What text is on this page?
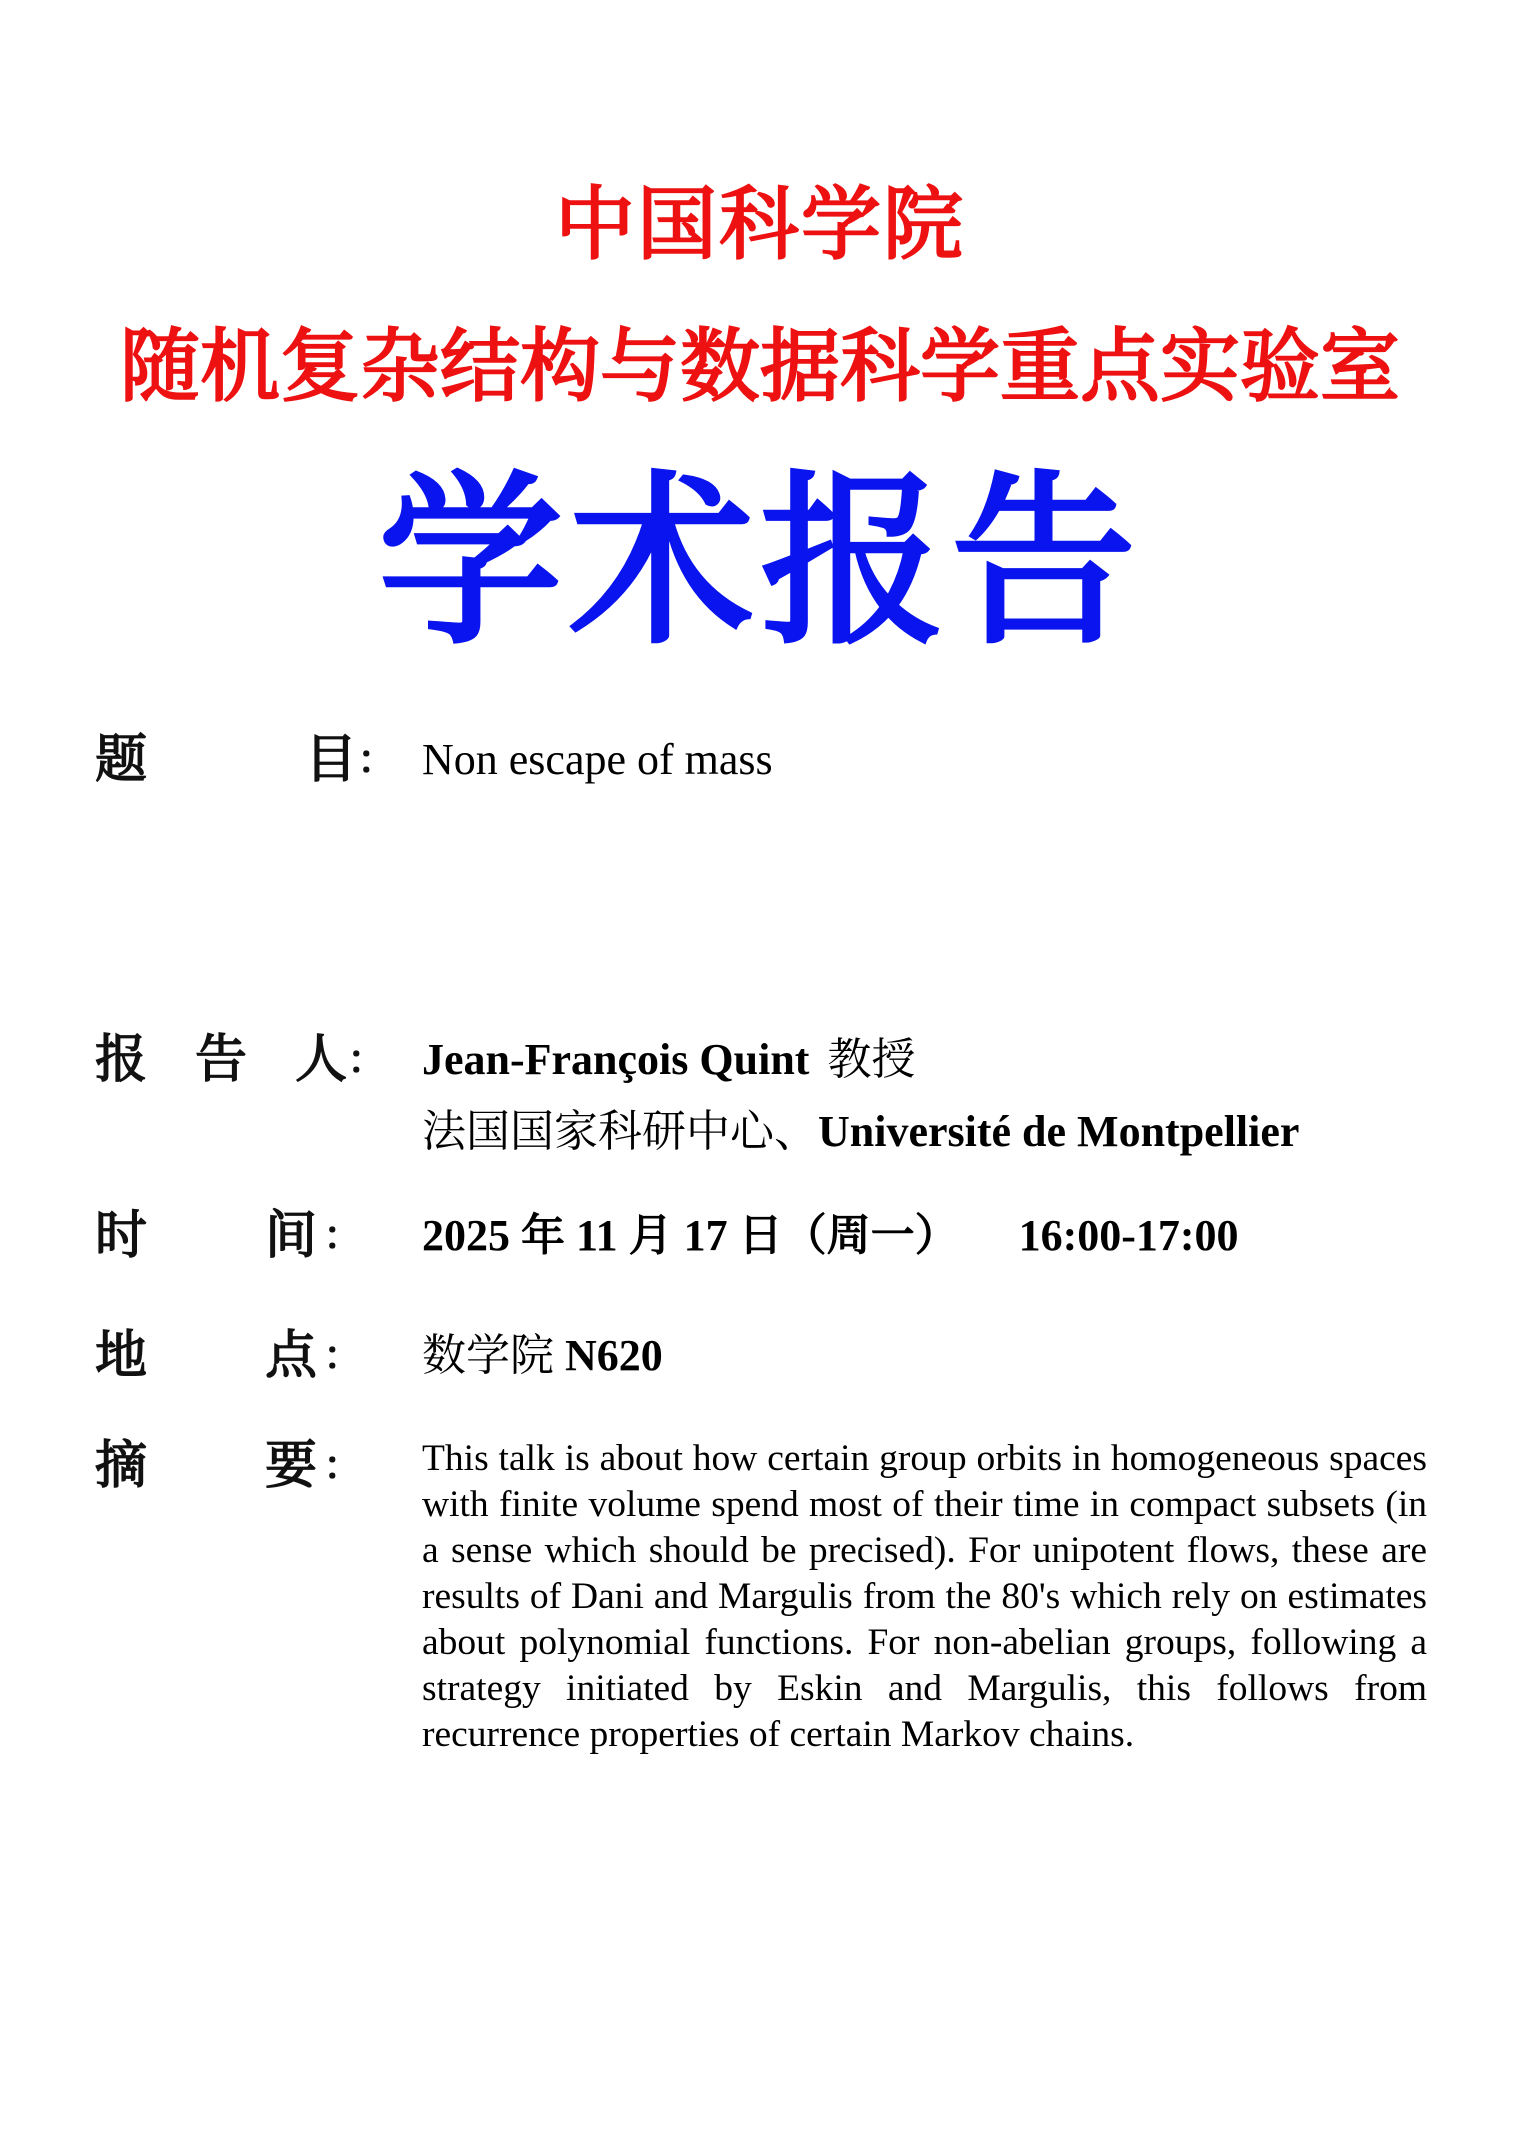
中国科学院
随机复杂结构与数据科学重点实验室
学术报告
题	目 ： Non escape of mass
报 告 人 ： Jean-François Quint 教授
法国国家科研中心、Université de Montpellier
时 间 ： 2025 年 11 月 17 日（周一） 16:00-17:00
地 点 ： 数学院 N620
摘 要 ： This talk is about how certain group orbits in homogeneous spaces with finite volume spend most of their time in compact subsets (in a sense which should be precised). For unipotent flows, these are results of Dani and Margulis from the 80's which rely on estimates about polynomial functions. For non-abelian groups, following a strategy initiated by Eskin and Margulis, this follows from recurrence properties of certain Markov chains.
